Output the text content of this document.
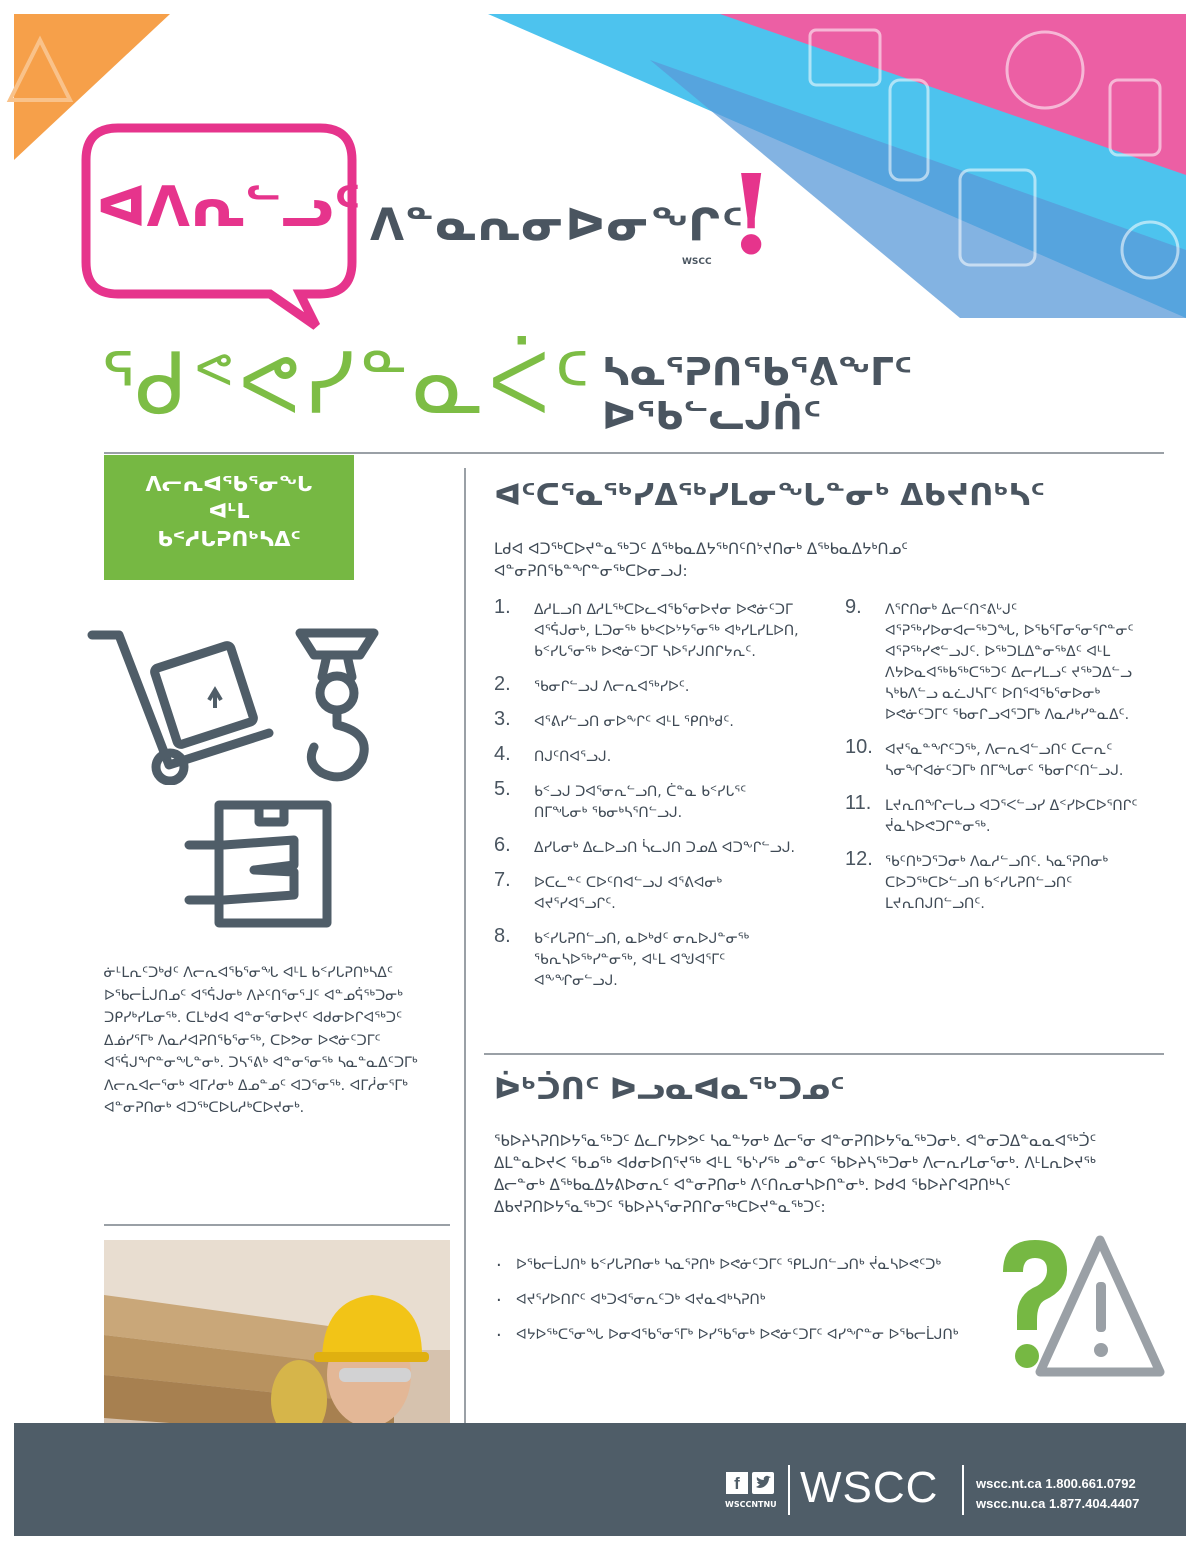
ᐊᐱᕆᓪᓗᑦ ᐱᓐᓇᕆᓂᐅᓂᖏᑦ
!
WSCC
ᖁᕝᕙᓯᓐᓇᐹᑦ ᓴᓇᕐᕈᑎᖃᕐᕕᖕᒥᑦ
ᐅᖃᓪᓚᒍᑏᑦ
ᐱᓕᕆᐊᖃᕐᓂᖓ
ᐊᒻᒪ
ᑲᑉᓱᒐᕈᑎᒃᓴᐃᑦ
ᓃᒻᒪᕆᑦᑐᒃᑯᑦ ᐱᓕᕆᐊᖃᕐᓂᖓ ᐊᒻᒪ ᑲᑉᓯᒐᕈᑎᒃᓴᐃᑦ ᐅᖃᓕᒫᒍᑎᓄᑦ ᐊᕐᕌᒍᓂᒃ ᐱᔨᑦᑎᕐᓂᕐᒧᑦ ᐊᓐᓄᕌᖅᑐᓂᒃ ᑐᑭᓯᒃᓯᒪᓂᖅ. ᑕᒪᒃᑯᐊ ᐊᓐᓂᕐᓂᐅᔪᑦ ᐊᑯᓂᐅᒋᐊᖅᑐᑦ ᐃᓅᓯᕐᒥᒃ ᐱᓇᓱᐊᕈᑎᖃᕐᓂᖅ, ᑕᐅᕗᓂ ᐅᕙᓃᑦᑐᒥᑦ ᐊᕐᕌᒍᖏᓐᓂᖓᓐᓂᒃ. ᑐᓴᕐᕕᒃ ᐊᓐᓂᕐᓂᖅ ᓴᓇᓐᓇᐃᑦᑐᒥᒃ ᐱᓕᕆᐊᓕᕐᓂᒃ ᐊᒥᓱᓂᒃ ᐃᓄᓐᓄᑦ ᐊᑐᕐᓂᖅ. ᐊᒥᓲᓂᕐᒥᒃ ᐊᓐᓂᕈᑎᓂᒃ ᐊᑐᖅᑕᐅᒐᓱᒃᑕᐅᔪᓂᒃ.
ᐊᑦᑕᕐᓇᖅᓯᐃᖅᓯᒪᓂᖓᓐᓂᒃ ᐃᑲᔪᑎᒃᓴᑦ
ᒪᑯᐊ ᐊᑐᖅᑕᐅᔪᓐᓇᖅᑐᑦ ᐃᖅᑲᓇᐃᔭᖅᑎᑦᑎᔾᔪᑎᓂᒃ ᐃᖅᑲᓇᐃᔭᒃᑎᓄᑦ ᐊᓐᓂᕈᑎᖃᓐᖏᓐᓂᖅᑕᐅᓂᓗᒍ:
1. ᐃᓱᒪᓗᑎ ᐃᓱᒪᖅᑕᐅᓚᐊᖃᕐᓂᐅᔪᓂ ᐅᕙᓃᑦᑐᒥ ᐊᕐᕌᒍᓂᒃ, ᒪᑐᓂᖅ ᑲᒃᐸᐅᔾᔭᕐᓂᖅ ᐊᒃᓯᒪᓯᒪᐅᑎ, ᑲᑉᓯᒐᕐᓂᖅ ᐅᕙᓃᑦᑐᒥ ᓴᐅᕐᓯᒍᑎᒋᔭᕆᑦ.
2. ᖃᓂᒋᓪᓗᒍ ᐱᓕᕆᐊᖅᓯᐅᑦ.
3. ᐊᕐᕕᓯᓪᓗᑎ ᓂᐅᖕᒋᑦ ᐊᒻᒪ ᕿᑎᒃᑯᑦ.
4. ᑎᒍᑦᑎᐊᕐᓗᒍ.
5. ᑲᑉᓗᒍ ᑐᐊᕐᓂᕆᓪᓗᑎ, ᑖᓐᓇ ᑲᑉᓯᒐᕐᑦ ᑎᒥᖓᓂᒃ ᖃᓂᒃᓴᕐᑎᓪᓗᒍ.
6. ᐃᓯᒐᓂᒃ ᐃᓚᐅᓗᑎ ᓵᓚᒍᑎ ᑐᓄᐃ ᐊᑐᖕᒋᓪᓗᒍ.
7. ᐅᑕᓚᓐᑦ ᑕᐅᑦᑎᐊᓪᓗᒍ ᐊᕐᕕᐊᓂᒃ ᐊᔪᕐᓯᐊᕐᓗᒋᑦ.
8. ᑲᑉᓯᒐᕈᑎᓪᓗᑎ, ᓇᐅᒃᑯᑦ ᓂᕆᐅᒍᓐᓂᖅ ᖃᕆᓴᐅᖅᓯᓐᓂᖅ, ᐊᒻᒪ ᐊᖑᐊᕐᒥᑦ ᐊᖕᖏᓂᓪᓗᒍ.
9. ᐱᕐᒋᑎᓂᒃ ᐃᓕᑦᑎᕝᕕᒡᒍᑦ ᐊᕐᕈᖅᓯᐅᓂᐊᓕᖅᑐᖓ, ᐅᖃᕐᒥᓂᕐᓂᕐᒋᓐᓂᑦ ᐊᕐᕈᖅᓯᕙᓪᓗᒍᑦ. ᐅᖅᑐᒪᐃᓐᓂᖅᐃᑦ ᐊᒻᒪ ᐱᔭᐅᓇᐊᖅᑲᖅᑕᖅᑐᑦ ᐃᓕᓯᒪᓗᑦ ᔪᖅᑐᐃᓪᓗ ᓴᒃᑲᐱᓪᓗ ᓇᓛᒍᓴᒥᑦ ᐅᑎᕐᐊᖃᕐᓂᐅᓂᒃ ᐅᕙᓃᑦᑐᒥᑦ ᖃᓂᒋᓗᐊᕐᑐᒥᒃ ᐱᓇᓱᒃᓯᓐᓇᐃᑦ.
10. ᐊᔪᕐᓇᓐᖏᑦᑐᖅ, ᐱᓕᕆᐊᓪᓗᑎᑦ ᑕᓕᕆᑦ ᓴᓂᖏᐊᓃᑦᑐᒥᒃ ᑎᒥᖓᓂᑦ ᖃᓂᒋᑦᑎᓪᓗᒍ.
11. ᒪᔪᕆᑎᖏᓕᒐᓗ ᐊᑐᕐᐸᓪᓗᓯ ᐃᑉᓯᐅᑕᐅᕐᑎᒋᑦ ᔫᓇᓴᐅᕙᑐᒋᓐᓂᖅ.
12. ᖃᑦᑎᒃᑐᕐᑐᓂᒃ ᐱᓇᓱᓪᓗᑎᑦ. ᓴᓇᕐᕈᑎᓂᒃ ᑕᐅᑐᖅᑕᐅᓪᓗᑎ ᑲᑉᓯᒐᕈᑎᓪᓗᑎᑦ ᒪᔪᕆᑎᒍᑎᓪᓗᑎᑦ.
ᐆᒃᑑᑎᑦ ᐅᓗᓇᐊᓇᖅᑐᓄᑦ
ᖃᐅᔨᓴᕈᑎᐅᔭᕐᓇᖅᑐᑦ ᐃᓚᒋᔭᐅᕗᑦ ᓴᓇᓐᔭᓂᒃ ᐃᓕᕐᓂ ᐊᓐᓂᕈᑎᐅᔭᕐᓇᖅᑐᓂᒃ. ᐊᓐᓂᑐᐃᓐᓇᓇᐊᖅᑑᑦ ᐃᒪᓐᓇᐅᔪᐸ ᖃᓄᖅ ᐊᑯᓂᐅᑎᕐᔪᖅ ᐊᒻᒪ ᖃᔅᓯᖅ ᓄᓐᓂᑦ ᖃᐅᔨᓴᖅᑐᓂᒃ ᐱᓕᕆᓯᒪᓂᕐᓂᒃ. ᐱᒻᒪᕆᐅᔪᖅ ᐃᓕᓐᓂᒃ ᐃᖅᑲᓇᐃᔭᕕᐅᓂᕆᑦ ᐊᓐᓂᕈᑎᓂᒃ ᐱᑦᑎᕆᓂᓴᐅᑎᓐᓂᒃ. ᐅᑯᐊ ᖃᐅᔨᒋᐊᕈᑎᒃᓴᑦ ᐃᑲᔪᕈᑎᐅᔭᕐᓇᖅᑐᑦ ᖃᐅᔨᓴᕐᓂᕈᑎᒋᓂᖅᑕᐅᔪᓐᓇᖅᑐᑦ:
· ᐅᖃᓕᒫᒍᑎᒃ ᑲᑉᓯᒐᕈᑎᓂᒃ ᓴᓇᕐᕈᑎᒃ ᐅᕙᓃᑦᑐᒥᑦ ᕿᒪᒍᑎᓪᓗᑎᒃ ᔫᓇᓴᐅᕙᑦᑐᒃ
· ᐊᔪᕐᓯᐅᑎᒋᑦ ᐊᒃᑐᐊᕐᓂᕆᑦᑐᒃ ᐊᔪᓇᐊᒃᓴᕈᑎᒃ
· ᐊᔭᐅᖅᑕᕐᓂᖓ ᐅᓂᐊᖃᕐᓂᕐᒥᒃ ᐅᓯᖃᕐᓂᒃ ᐅᕙᓃᑦᑐᒥᑦ ᐊᓯᖏᓐᓂ ᐅᖃᓕᒫᒍᑎᒃ
f
WSCCNTNU WSCC	wscc.nt.ca 1.800.661.0792
wscc.nu.ca 1.877.404.4407
